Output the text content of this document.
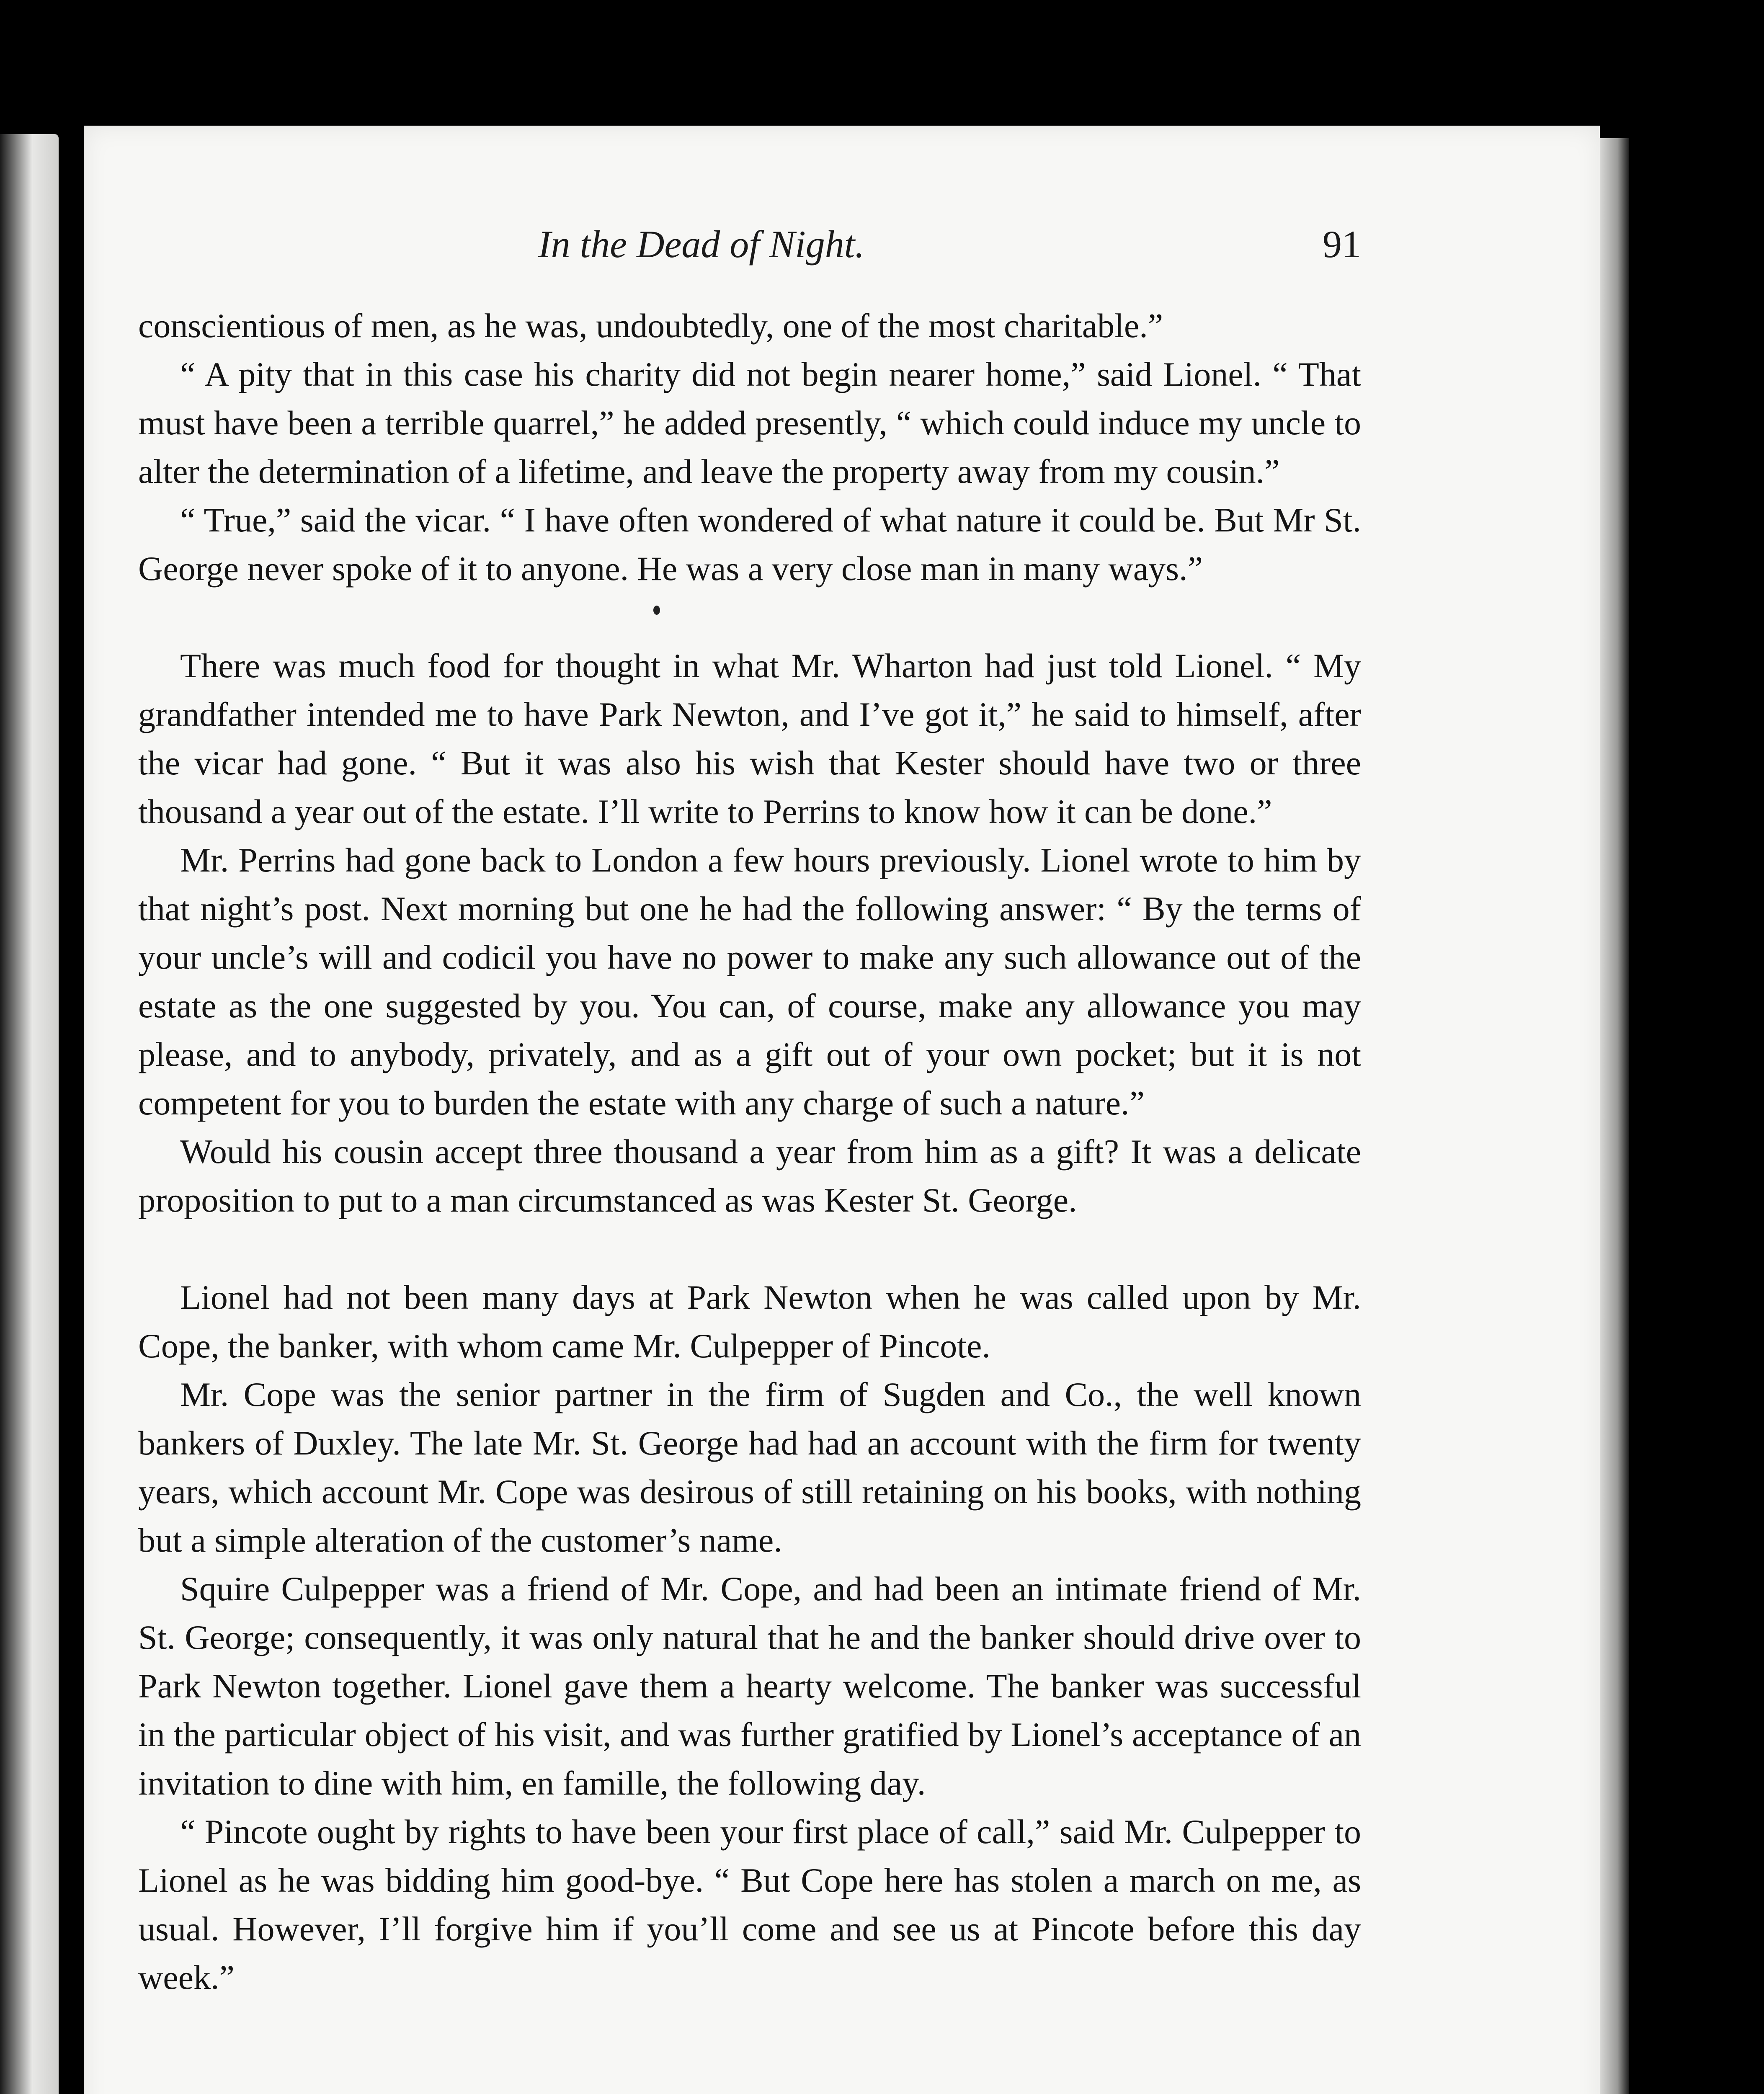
In the Dead of Night.	91

conscientious of men, as he was, undoubtedly, one of the most charitable.”

“ A pity that in this case his charity did not begin nearer home,” said Lionel. “ That must have been a terrible quarrel,” he added presently, “ which could induce my uncle to alter the determination of a lifetime, and leave the property away from my cousin.”

“ True,” said the vicar. “ I have often wondered of what nature it could be. But Mr St. George never spoke of it to anyone. He was a very close man in many ways.”

There was much food for thought in what Mr. Wharton had just told Lionel. “ My grandfather intended me to have Park Newton, and I’ve got it,” he said to himself, after the vicar had gone. “ But it was also his wish that Kester should have two or three thousand a year out of the estate. I’ll write to Perrins to know how it can be done.”

Mr. Perrins had gone back to London a few hours previously. Lionel wrote to him by that night’s post. Next morning but one he had the following answer: “ By the terms of your uncle’s will and codicil you have no power to make any such allowance out of the estate as the one suggested by you. You can, of course, make any allowance you may please, and to anybody, privately, and as a gift out of your own pocket; but it is not competent for you to burden the estate with any charge of such a nature.”

Would his cousin accept three thousand a year from him as a gift? It was a delicate proposition to put to a man circumstanced as was Kester St. George.

Lionel had not been many days at Park Newton when he was called upon by Mr. Cope, the banker, with whom came Mr. Culpepper of Pincote.

Mr. Cope was the senior partner in the firm of Sugden and Co., the well known bankers of Duxley. The late Mr. St. George had had an account with the firm for twenty years, which account Mr. Cope was desirous of still retaining on his books, with nothing but a simple alteration of the customer’s name.

Squire Culpepper was a friend of Mr. Cope, and had been an intimate friend of Mr. St. George; consequently, it was only natural that he and the banker should drive over to Park Newton together. Lionel gave them a hearty welcome. The banker was successful in the particular object of his visit, and was further gratified by Lionel’s acceptance of an invitation to dine with him, en famille, the following day.

“ Pincote ought by rights to have been your first place of call,” said Mr. Culpepper to Lionel as he was bidding him good-bye. “ But Cope here has stolen a march on me, as usual. However, I’ll forgive him if you’ll come and see us at Pincote before this day week.”
